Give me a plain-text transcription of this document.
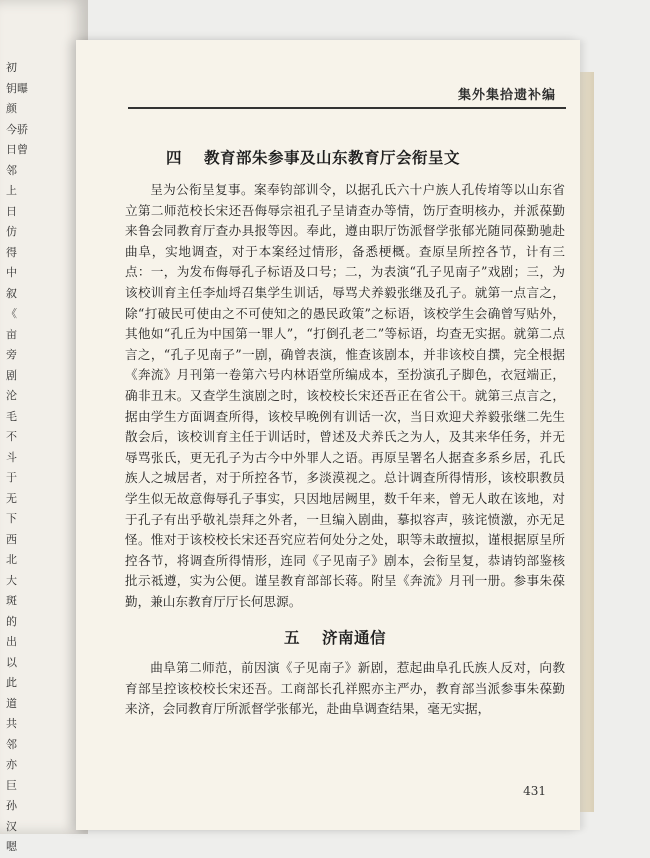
初
钥曝
颜
今骄
日曾
邻
上
日
仿
得
中
叙
《
亩
旁
剧
沦
毛
不
斗
于
无
下
西
北
大
斑
的
出
以
此
道
共
邻
亦
巨
孙
汉
嗯
集外集拾遗补编
四 教育部朱参事及山东教育厅会衔呈文

呈为公衔呈复事。案奉钧部训令，以据孔氏六十户族人孔传堉等以山东省立第二师范校长宋还吾侮辱宗祖孔子呈请查办等情，饬厅查明核办，并派葆勤来鲁会同教育厅查办具报等因。奉此，遵由职厅饬派督学张郁光随同葆勤驰赴曲阜，实地调查，对于本案经过情形，备悉梗概。查原呈所控各节，计有三点：一，为发布侮辱孔子标语及口号；二，为表演“孔子见南子”戏剧；三，为该校训育主任李灿埒召集学生训话，辱骂犬养毅张继及孔子。就第一点言之，除“打破民可使由之不可使知之的愚民政策”之标语，该校学生会确曾写贴外，其他如“孔丘为中国第一罪人”，“打倒孔老二”等标语，均查无实据。就第二点言之，“孔子见南子”一剧，确曾表演，惟查该剧本，并非该校自撰，完全根据《奔流》月刊第一卷第六号内林语堂所编成本，至扮演孔子脚色，衣冠端正，确非丑末。又查学生演剧之时，该校校长宋还吾正在省公干。就第三点言之，据由学生方面调查所得，该校早晚例有训话一次，当日欢迎犬养毅张继二先生散会后，该校训育主任于训话时，曾述及犬养氏之为人，及其来华任务，并无辱骂张氏，更无孔子为古今中外罪人之语。再原呈署名人据查多系乡居，孔氏族人之城居者，对于所控各节，多淡漠视之。总计调查所得情形，该校职教员学生似无故意侮辱孔子事实，只因地居阙里，数千年来，曾无人敢在该地，对于孔子有出乎敬礼崇拜之外者，一旦编入剧曲，摹拟容声，骇诧愤激，亦无足怪。惟对于该校校长宋还吾究应若何处分之处，职等未敢擅拟，谨根据原呈所控各节，将调查所得情形，连同《子见南子》剧本，会衔呈复，恭请钧部鉴核批示祗遵，实为公便。谨呈教育部部长蒋。附呈《奔流》月刊一册。参事朱葆勤，兼山东教育厅厅长何思源。

五 济南通信

曲阜第二师范，前因演《子见南子》新剧，惹起曲阜孔氏族人反对，向教育部呈控该校校长宋还吾。工商部长孔祥熙亦主严办，教育部当派参事朱葆勤来济，会同教育厅所派督学张郁光，赴曲阜调查结果，毫无实据，

431
